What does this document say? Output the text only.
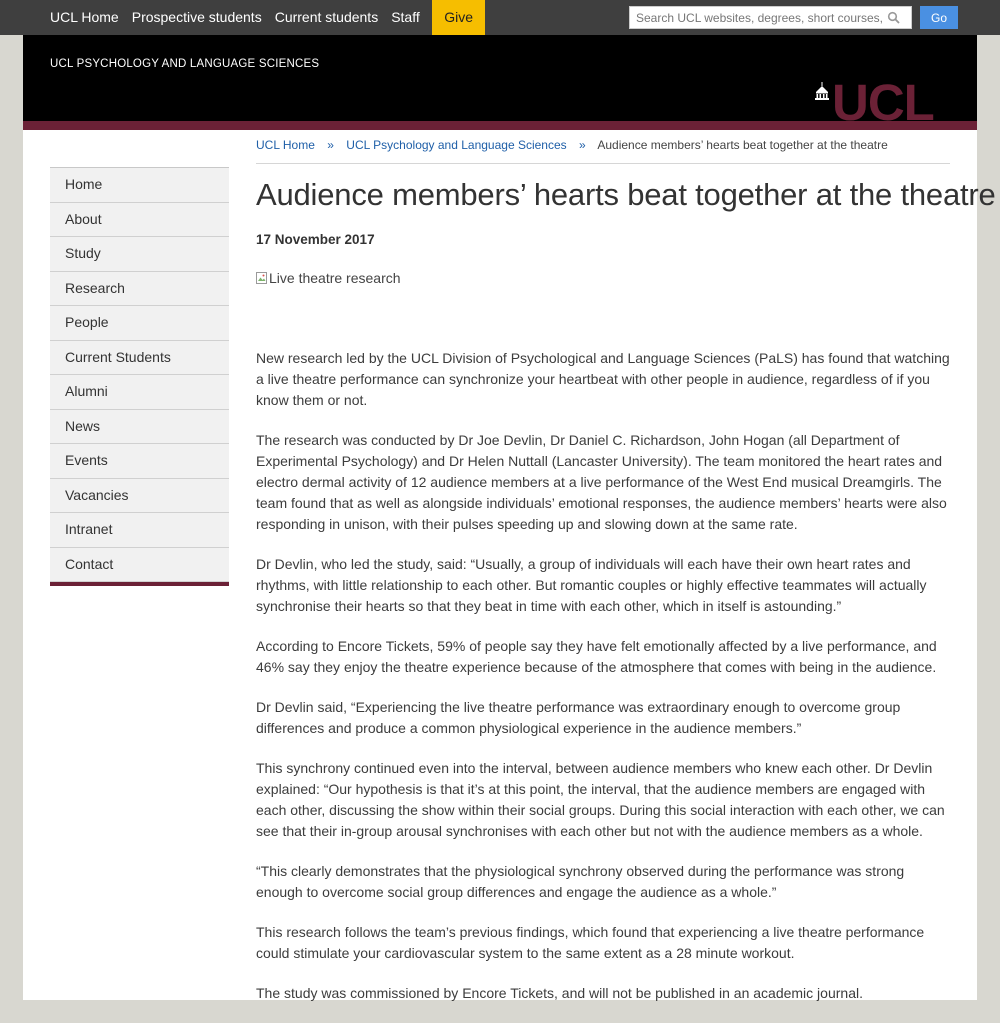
UCL Home Prospective students Current students Staff	Give
Search UCL websites, degrees, short courses, people and more	Go
UCL PSYCHOLOGY AND LANGUAGE SCIENCES
UCL
Home
About
Study
Research
People
Current Students
Alumni
News
Events
Vacancies
Intranet
Contact
UCL Home » UCL Psychology and Language Sciences » Audience members’ hearts beat together at the theatre
Audience members’ hearts beat together at the theatre
17 November 2017
Live theatre research

New research led by the UCL Division of Psychological and Language Sciences (PaLS) has found that watching a live theatre performance can synchronize your heartbeat with other people in audience, regardless of if you know them or not.

The research was conducted by Dr Joe Devlin, Dr Daniel C. Richardson, John Hogan (all Department of Experimental Psychology) and Dr Helen Nuttall (Lancaster University). The team monitored the heart rates and electro dermal activity of 12 audience members at a live performance of the West End musical Dreamgirls. The team found that as well as alongside individuals’ emotional responses, the audience members’ hearts were also responding in unison, with their pulses speeding up and slowing down at the same rate.

Dr Devlin, who led the study, said: “Usually, a group of individuals will each have their own heart rates and rhythms, with little relationship to each other. But romantic couples or highly effective teammates will actually synchronise their hearts so that they beat in time with each other, which in itself is astounding.”

According to Encore Tickets, 59% of people say they have felt emotionally affected by a live performance, and 46% say they enjoy the theatre experience because of the atmosphere that comes with being in the audience.

Dr Devlin said, “Experiencing the live theatre performance was extraordinary enough to overcome group differences and produce a common physiological experience in the audience members.”

This synchrony continued even into the interval, between audience members who knew each other. Dr Devlin explained: “Our hypothesis is that it’s at this point, the interval, that the audience members are engaged with each other, discussing the show within their social groups. During this social interaction with each other, we can see that their in-group arousal synchronises with each other but not with the audience members as a whole.

“This clearly demonstrates that the physiological synchrony observed during the performance was strong enough to overcome social group differences and engage the audience as a whole.”

This research follows the team’s previous findings, which found that experiencing a live theatre performance could stimulate your cardiovascular system to the same extent as a 28 minute workout.

The study was commissioned by Encore Tickets, and will not be published in an academic journal.
